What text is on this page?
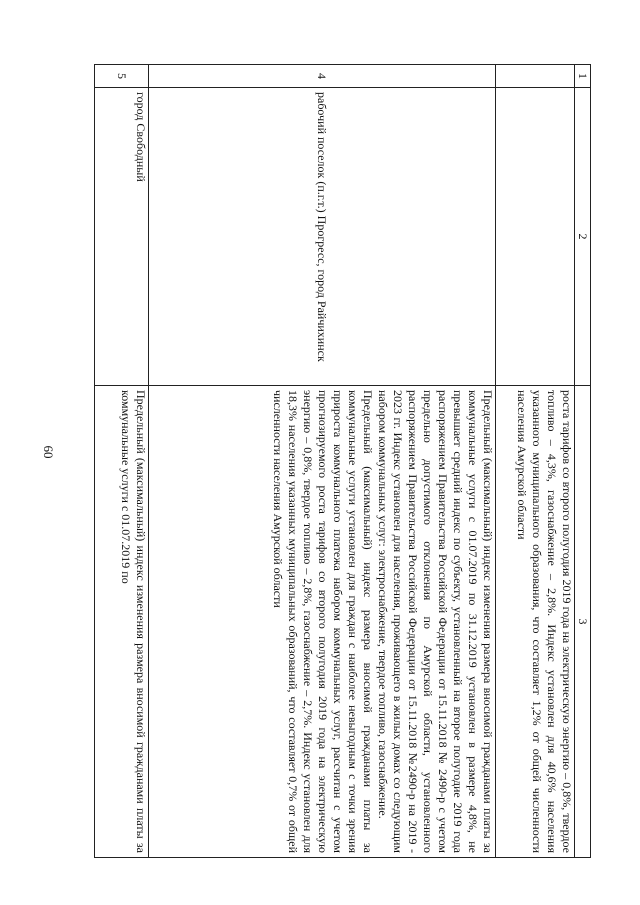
60
1	2	3

		роста тарифов со второго полугодия 2019 года на электрическую энергию – 0,8%, твердое топливо – 4,3%, газоснабжение – 2,8%. Индекс установлен для 40,6% населения указанного муниципального образования, что составляет 1,2% от общей численности населения Амурской области

4	рабочий поселок (п.г.т.) Прогресс, город Райчихинск	Предельный (максимальный) индекс изменения размера вносимой гражданами платы за коммунальные услуги с 01.07.2019 по 31.12.2019 установлен в размере 4,8%, не превышает средний индекс по субъекту, установленный на второе полугодие 2019 года распоряжением Правительства Российской Федерации от 15.11.2018 № 2490-р с учетом предельно допустимого отклонения по Амурской области, установленного распоряжением Правительства Российской Федерации от 15.11.2018 №2490-р на 2019 - 2023 гг. Индекс установлен для населения, проживающего в жилых домах со следующим набором коммунальных услуг: электроснабжение, твердое топливо, газоснабжение.

Предельный (максимальный) индекс размера вносимой гражданами платы за коммунальные услуги установлен для граждан с наиболее невыгодным с точки зрения прироста коммунального платежа набором коммунальных услуг, рассчитан с учетом прогнозируемого роста тарифов со второго полугодия 2019 года на электрическую энергию – 0,8%, твердое топливо – 2,8%, газоснабжение – 2,7%. Индекс установлен для 18,3% населения указанных муниципальных образований, что составляет 0,7% от общей численности населения Амурской области

5	город Свободный	Предельный (максимальный) индекс изменения размера вносимой гражданами платы за коммунальные услуги с 01.07.2019 по
